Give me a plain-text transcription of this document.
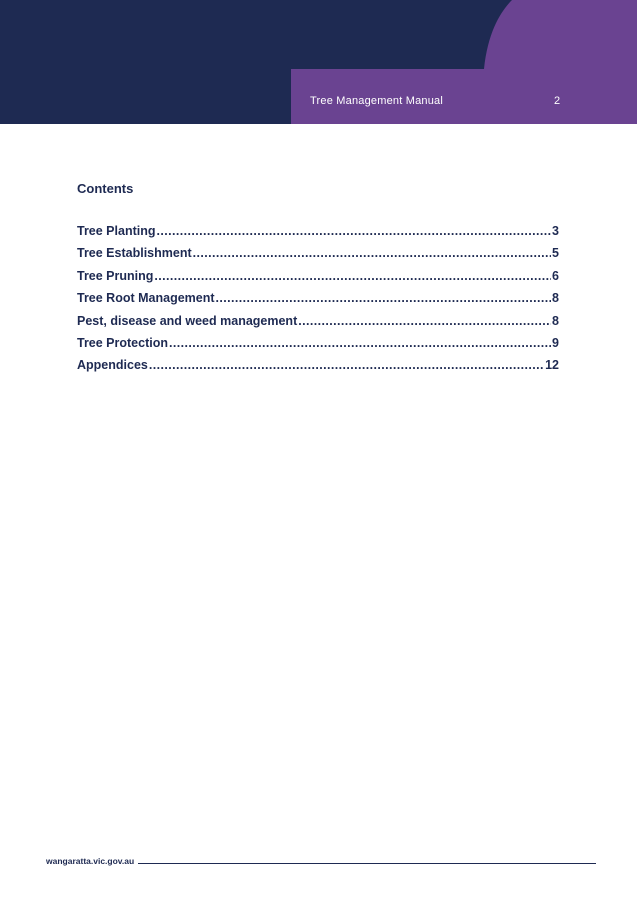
Tree Management Manual	2
Contents
Tree Planting .....	3
Tree Establishment .....	5
Tree Pruning .....	6
Tree Root Management .....	8
Pest, disease and weed management .....	8
Tree Protection .....	9
Appendices .....	12
wangaratta.vic.gov.au
